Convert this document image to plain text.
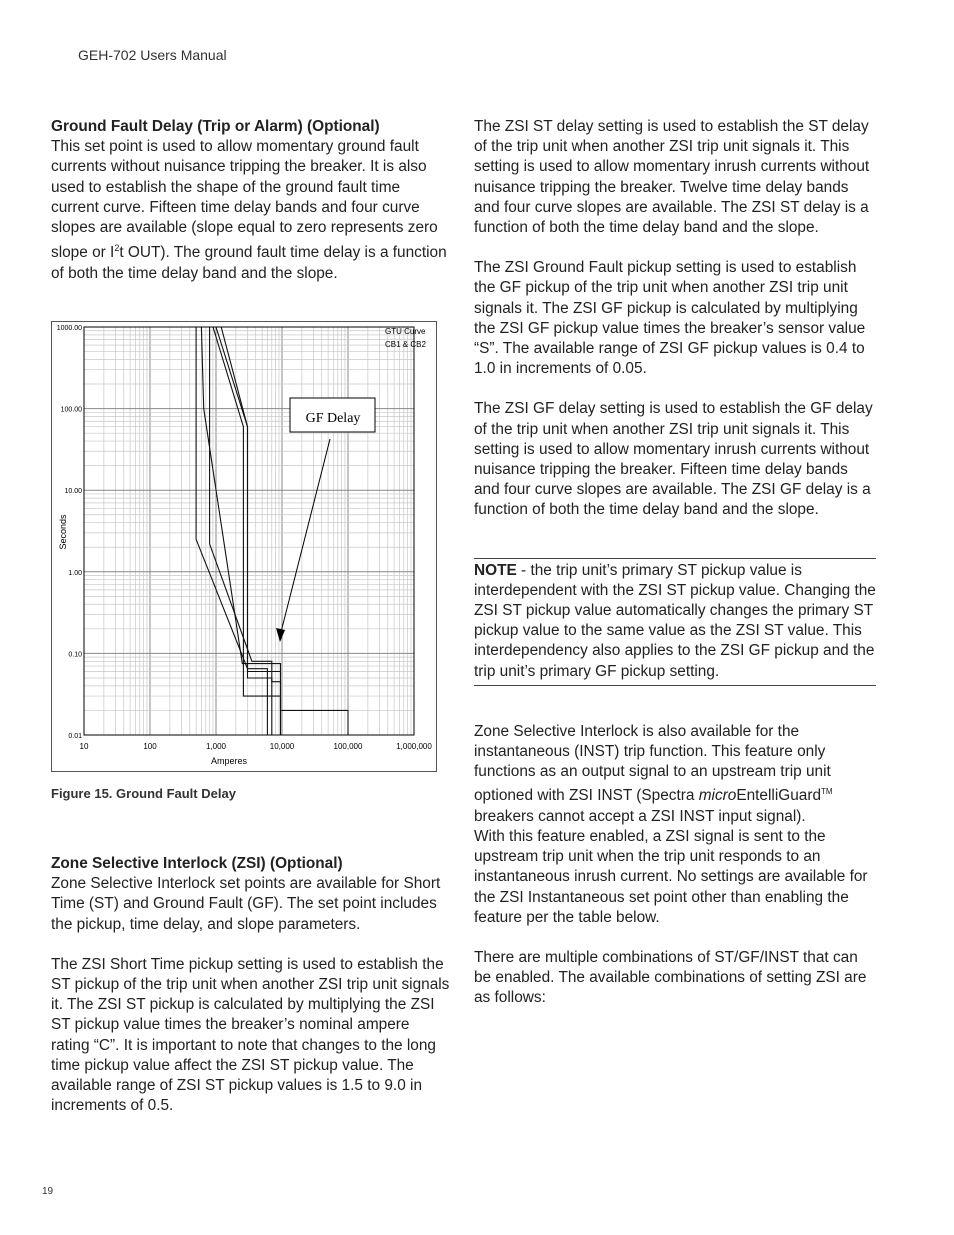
GEH-702 Users Manual

Ground Fault Delay (Trip or Alarm) (Optional)

This set point is used to allow momentary ground fault currents without nuisance tripping the breaker. It is also used to establish the shape of the ground fault time current curve. Fifteen time delay bands and four curve slopes are available (slope equal to zero represents zero slope or $I^2t$ OUT). The ground fault time delay is a function of both the time delay band and the slope.

1000.00
100.00
10.00
1.00
0.10
0.01
10	100	1,000	10,000	100,000	1,000,000
GTU Curve
CB1 & CB2
Amperes
Seconds
GF Delay
Figure 15. Ground Fault Delay

Zone Selective Interlock (ZSI) (Optional)

Zone Selective Interlock set points are available for Short Time (ST) and Ground Fault (GF). The set point includes the pickup, time delay, and slope parameters.

The ZSI Short Time pickup setting is used to establish the ST pickup of the trip unit when another ZSI trip unit signals it. The ZSI ST pickup is calculated by multiplying the ZSI ST pickup value times the breaker’s nominal ampere rating “C”. It is important to note that changes to the long time pickup value affect the ZSI ST pickup value. The available range of ZSI ST pickup values is 1.5 to 9.0 in increments of 0.5.

The ZSI ST delay setting is used to establish the ST delay of the trip unit when another ZSI trip unit signals it. This setting is used to allow momentary inrush currents without nuisance tripping the breaker. Twelve time delay bands and four curve slopes are available. The ZSI ST delay is a function of both the time delay band and the slope.

The ZSI Ground Fault pickup setting is used to establish the GF pickup of the trip unit when another ZSI trip unit signals it. The ZSI GF pickup is calculated by multiplying the ZSI GF pickup value times the breaker’s sensor value “S”. The available range of ZSI GF pickup values is 0.4 to 1.0 in increments of 0.05.

The ZSI GF delay setting is used to establish the GF delay of the trip unit when another ZSI trip unit signals it. This setting is used to allow momentary inrush currents without nuisance tripping the breaker. Fifteen time delay bands and four curve slopes are available. The ZSI GF delay is a function of both the time delay band and the slope.

NOTE - the trip unit’s primary ST pickup value is interdependent with the ZSI ST pickup value. Changing the ZSI ST pickup value automatically changes the primary ST pickup value to the same value as the ZSI ST value. This interdependency also applies to the ZSI GF pickup and the trip unit’s primary GF pickup setting.

Zone Selective Interlock is also available for the instantaneous (INST) trip function. This feature only functions as an output signal to an upstream trip unit optioned with ZSI INST (Spectra microEntelliGuard™ breakers cannot accept a ZSI INST input signal).
With this feature enabled, a ZSI signal is sent to the upstream trip unit when the trip unit responds to an instantaneous inrush current. No settings are available for the ZSI Instantaneous set point other than enabling the feature per the table below.

There are multiple combinations of ST/GF/INST that can be enabled. The available combinations of setting ZSI are as follows:

19
